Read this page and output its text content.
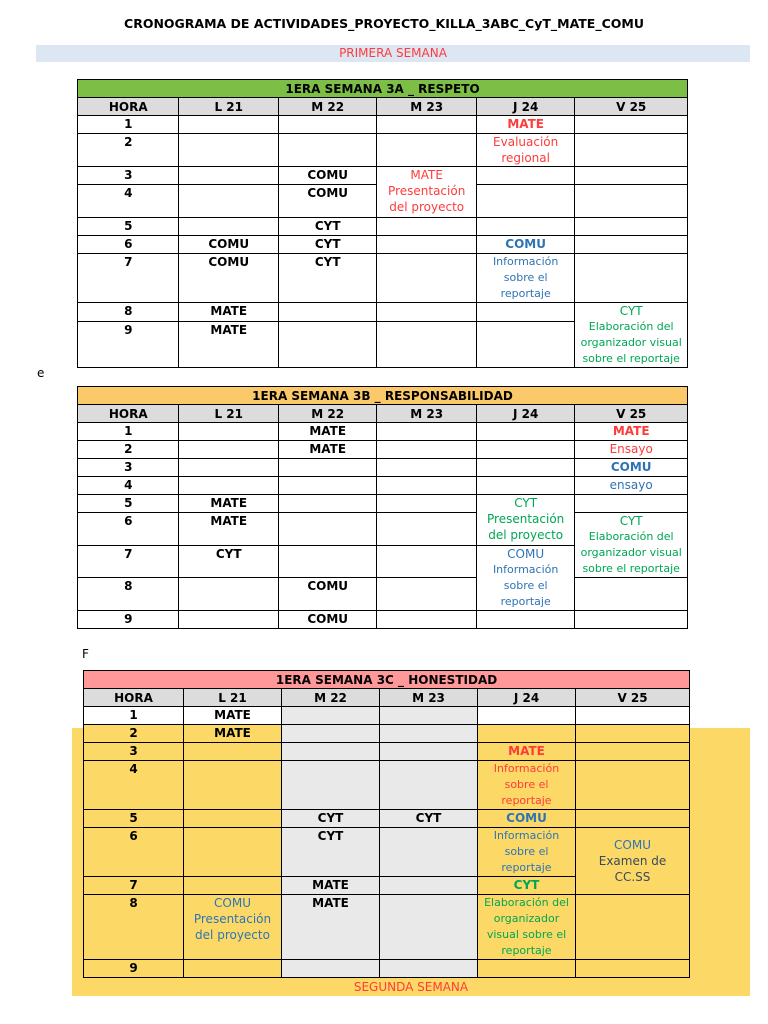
CRONOGRAMA DE ACTIVIDADES_PROYECTO_KILLA_3ABC_CyT_MATE_COMU
PRIMERA SEMANA
1ERA SEMANA 3A _ RESPETO					
HORA	L 21	M 22	M 23	J 24	V 25
1				MATE	
2				Evaluación
regional	

3		COMU	MATE
Presentación
del proyecto		

4		COMU			
5		CYT			
6	COMU	CYT		COMU	
7	COMU	CYT		Información
sobre el
reportaje	

8	MATE				CYT
Elaboración del
organizador visual
sobre el reportaje

9	MATE				
e
1ERA SEMANA 3B _ RESPONSABILIDAD					
HORA	L 21	M 22	M 23	J 24	V 25
1		MATE			MATE
2		MATE			Ensayo
3					COMU
4					ensayo
5	MATE			CYT
Presentación
del proyecto	

6	MATE				CYT
Elaboración del
organizador visual
sobre el reportaje

7	CYT			COMU
Información
sobre el
reportaje	

8		COMU			
9		COMU			
F
1ERA SEMANA 3C _ HONESTIDAD					
HORA	L 21	M 22	M 23	J 24	V 25
1	MATE				
2	MATE				
3				MATE	
4				Información
sobre el
reportaje	

5		CYT	CYT	COMU	
6		CYT		Información
sobre el
reportaje	COMU
Examen de
CC.SS

7		MATE		CYT	
8	COMU
Presentación
del proyecto	MATE		Elaboración del
organizador
visual sobre el
reportaje	

9					
SEGUNDA SEMANA
